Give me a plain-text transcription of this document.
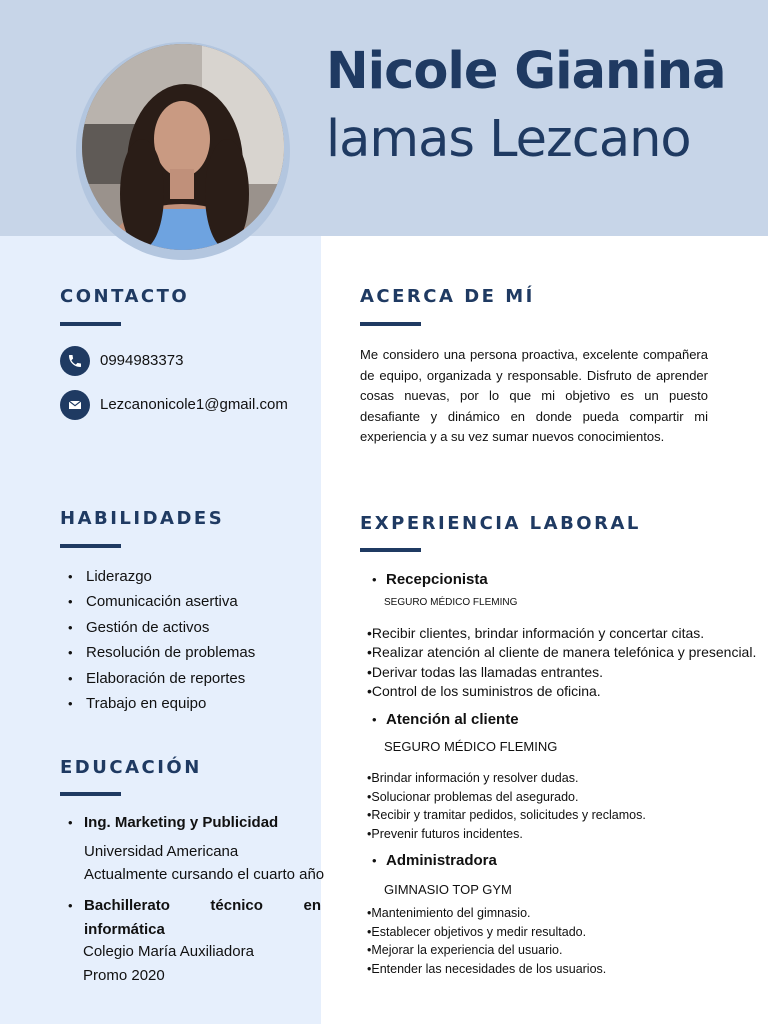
Nicole Gianina
lamas Lezcano
CONTACTO
0994983373
Lezcanonicole1@gmail.com
HABILIDADES
• Liderazgo
• Comunicación asertiva
• Gestión de activos
• Resolución de problemas
• Elaboración de reportes
• Trabajo en equipo
EDUCACIÓN
• Ing. Marketing y Publicidad
Universidad Americana
Actualmente cursando el cuarto año
• Bachillerato técnico en informática
Colegio María Auxiliadora
Promo 2020
ACERCA DE MÍ

Me considero una persona proactiva, excelente compañera de equipo, organizada y responsable. Disfruto de aprender cosas nuevas, por lo que mi objetivo es un puesto desafiante y dinámico en donde pueda compartir mi experiencia y a su vez sumar nuevos conocimientos.

EXPERIENCIA LABORAL
• Recepcionista
SEGURO MÉDICO FLEMING
• Recibir clientes, brindar información y concertar citas.
• Realizar atención al cliente de manera telefónica y presencial.
• Derivar todas las llamadas entrantes.
• Control de los suministros de oficina.
• Atención al cliente
SEGURO MÉDICO FLEMING
• Brindar información y resolver dudas.
• Solucionar problemas del asegurado.
• Recibir y tramitar pedidos, solicitudes y reclamos.
• Prevenir futuros incidentes.
• Administradora
GIMNASIO TOP GYM
• Mantenimiento del gimnasio.
• Establecer objetivos y medir resultado.
• Mejorar la experiencia del usuario.
• Entender las necesidades de los usuarios.
